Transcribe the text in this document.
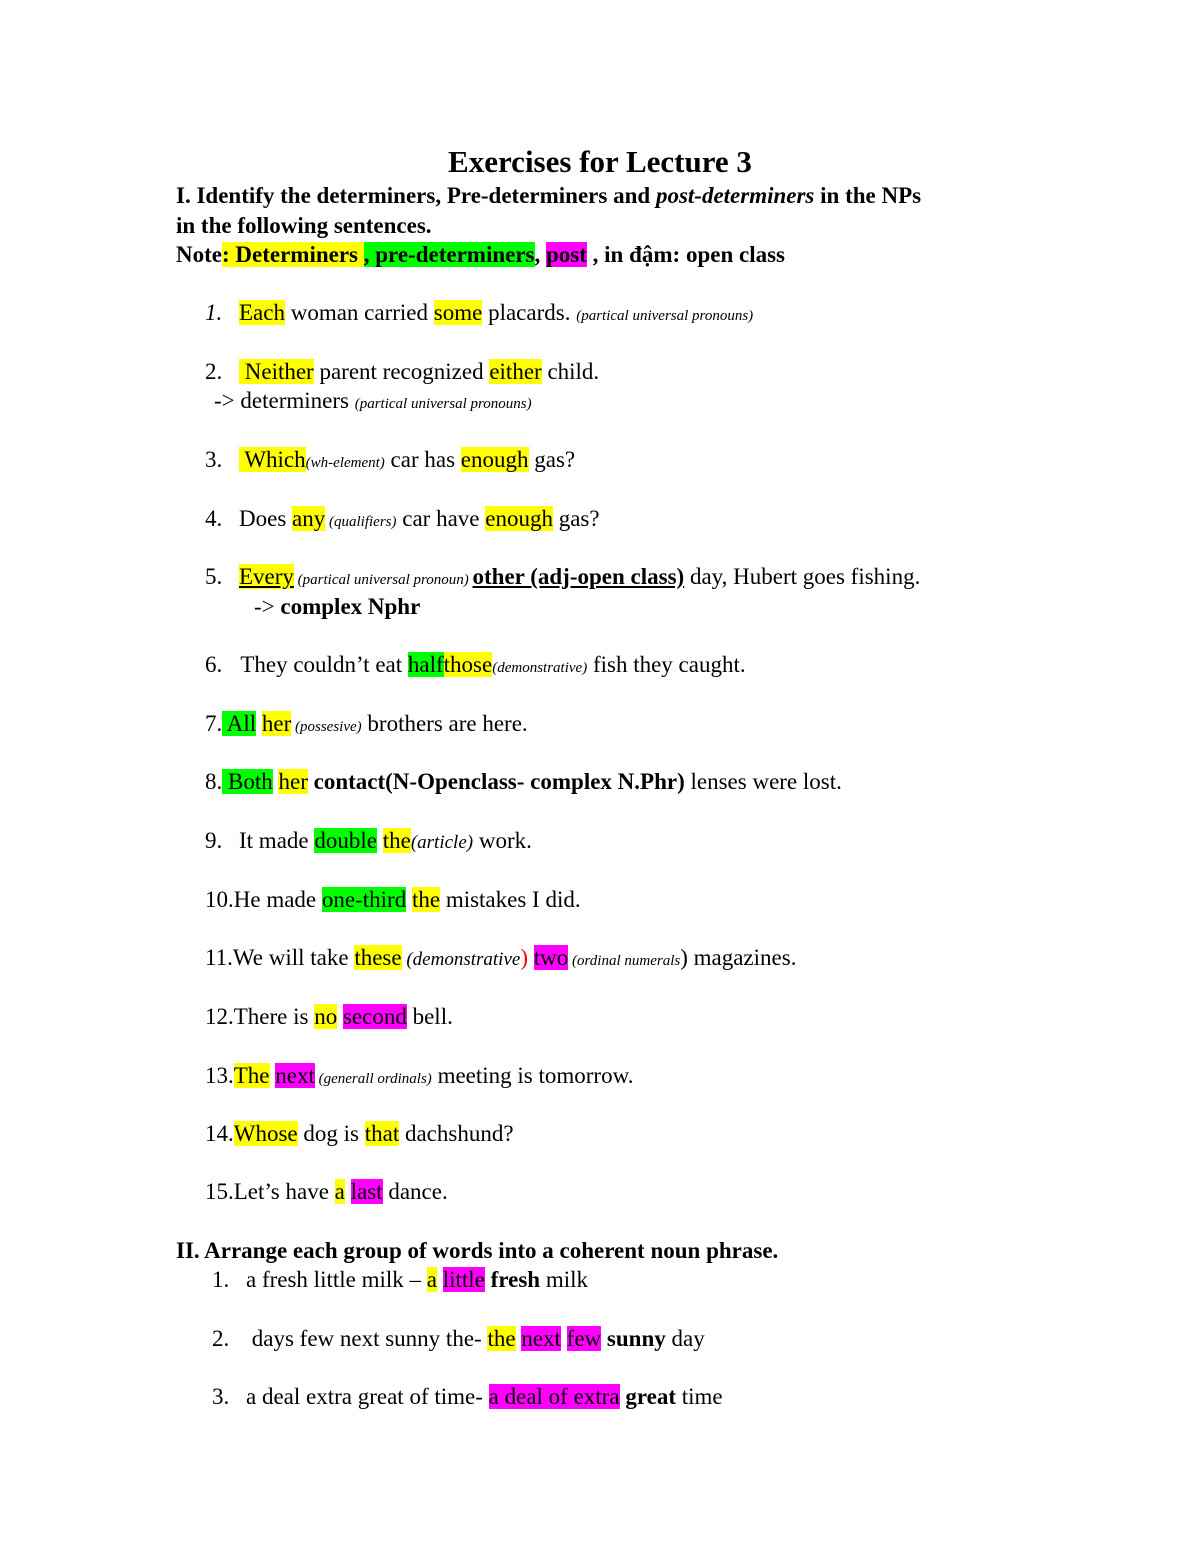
Exercises for Lecture 3
I. Identify the determiners, Pre-determiners and post-determiners in the NPs
in the following sentences.
Note: Determiners , pre-determiners, post , in đậm: open class
1. Each woman carried some placards. (partical universal pronouns)
2. Neither parent recognized either child.
-> determiners (partical universal pronouns)
3. Which(wh-element) car has enough gas?
4. Does any (qualifiers) car have enough gas?
5. Every (partical universal pronoun) other (adj-open class) day, Hubert goes fishing.
-> complex Nphr
6. They couldn’t eat halfthose(demonstrative) fish they caught.
7. All her (possesive) brothers are here.
8. Both her contact(N-Openclass- complex N.Phr) lenses were lost.
9. It made double the(article) work.
10.He made one-third the mistakes I did.
11.We will take these (demonstrative) two (ordinal numerals) magazines.
12.There is no second bell.
13.The next (generall ordinals) meeting is tomorrow.
14.Whose dog is that dachshund?
15.Let’s have a last dance.
II. Arrange each group of words into a coherent noun phrase.
1. a fresh little milk – a little fresh milk
2. days few next sunny the- the next few sunny day
3. a deal extra great of time- a deal of extra great time
